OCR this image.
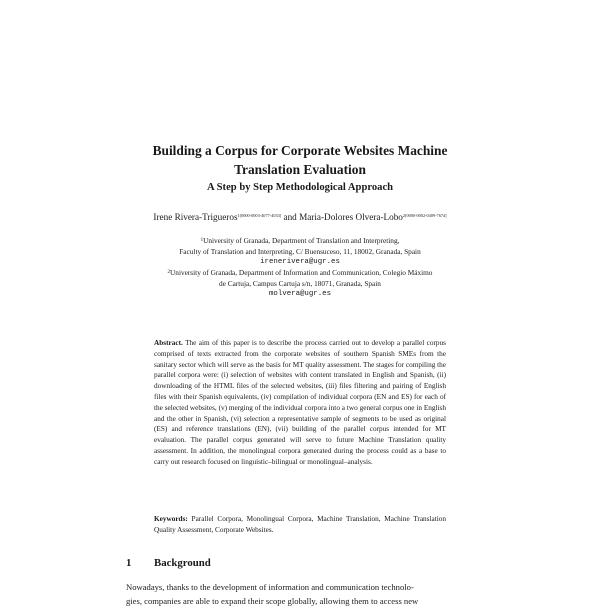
Building a Corpus for Corporate Websites Machine
Translation Evaluation
A Step by Step Methodological Approach
Irene Rivera-Trigueros$^{1[0000-0003-4077-4033]}$ and Maria-Dolores Olvera-Lobo$^{2[0000-0002-0409-7674]}$
$^1$University of Granada, Department of Translation and Interpreting,
Faculty of Translation and Interpreting, C/ Buensuceso, 11, 18002, Granada, Spain
irenerivera@ugr.es
$^2$University of Granada, Department of Information and Communication, Colegio Máximo
de Cartuja, Campus Cartuja s/n, 18071, Granada, Spain
molvera@ugr.es
Abstract. The aim of this paper is to describe the process carried out to develop a parallel corpus comprised of texts extracted from the corporate websites of southern Spanish SMEs from the sanitary sector which will serve as the basis for MT quality assessment. The stages for compiling the parallel corpora were: (i) selection of websites with content translated in English and Spanish, (ii) downloading of the HTML files of the selected websites, (iii) files filtering and pairing of English files with their Spanish equivalents, (iv) compilation of individual corpora (EN and ES) for each of the selected websites, (v) merging of the individual corpora into a two general corpus one in English and the other in Spanish, (vi) selection a representative sample of segments to be used as original (ES) and reference translations (EN), (vii) building of the parallel corpus intended for MT evaluation. The parallel corpus generated will serve to future Machine Translation quality assessment. In addition, the monolingual corpora generated during the process could as a base to carry out research focused on linguistic–bilingual or monolingual–analysis.
Keywords: Parallel Corpora, Monolingual Corpora, Machine Translation, Machine Translation Quality Assessment, Corporate Websites.
1 Background
Nowadays, thanks to the development of information and communication technolo-
gies, companies are able to expand their scope globally, allowing them to access new
